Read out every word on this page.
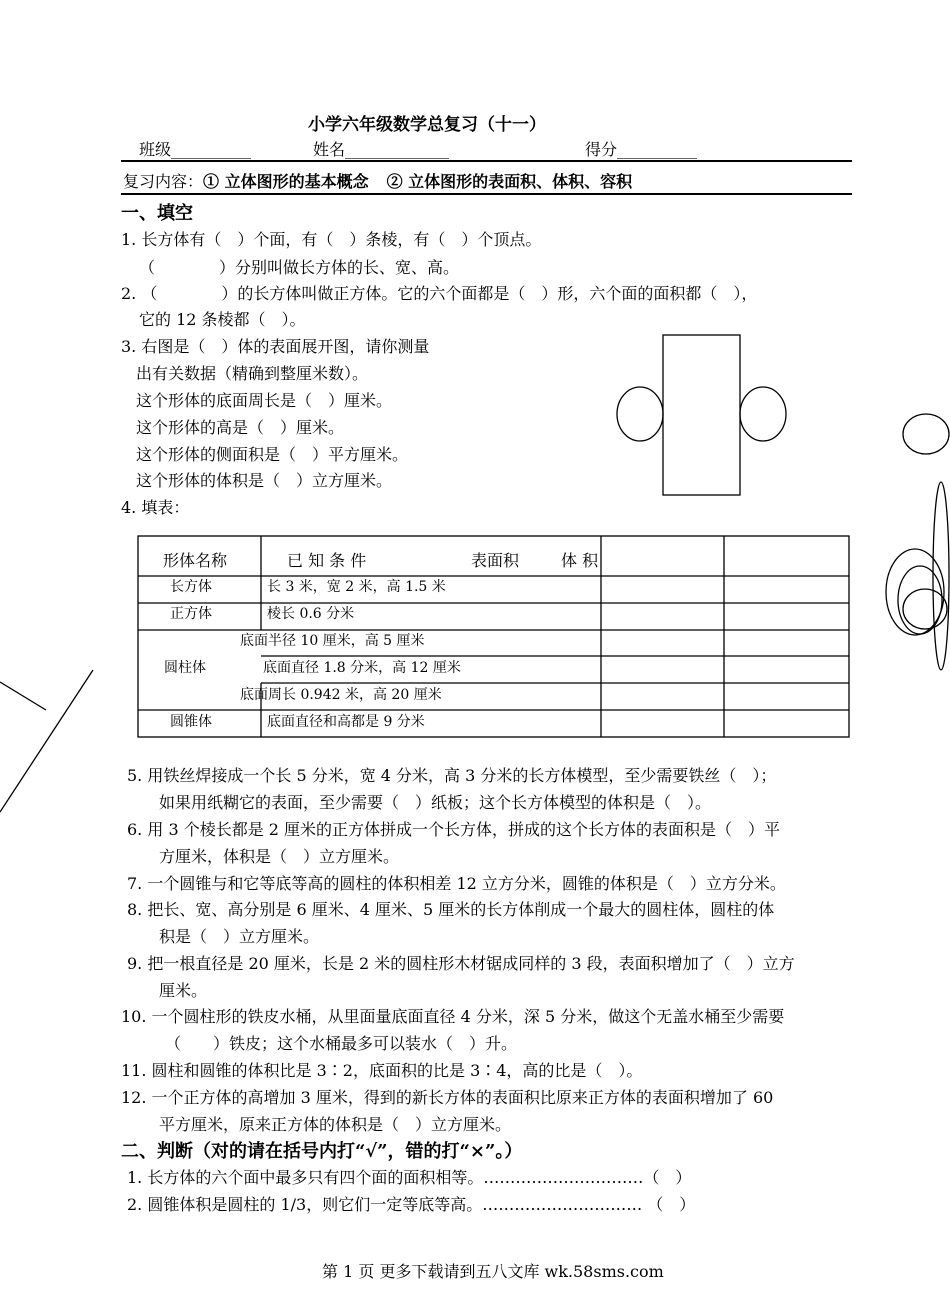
小学六年级数学总复习（十一）
班级__________	姓名_____________	得分__________
复习内容：① 立体图形的基本概念 ② 立体图形的表面积、体积、容积
一、填空
1. 长方体有（　）个面，有（　）条棱，有（　）个顶点。
（　　　　）分别叫做长方体的长、宽、高。
2. （　　　　）的长方体叫做正方体。它的六个面都是（　）形，六个面的面积都（　），
它的 12 条棱都（　）。
3. 右图是（　）体的表面展开图，请你测量
出有关数据（精确到整厘米数）。
这个形体的底面周长是（　）厘米。
这个形体的高是（　）厘米。
这个形体的侧面积是（　）平方厘米。
这个形体的体积是（　）立方厘米。
4. 填表：
形体名称	已 知 条 件	表面积	体 积
长方体	长 3 米，宽 2 米，高 1.5 米
正方体	棱长 0.6 分米
圆柱体
底面半径 10 厘米，高 5 厘米
底面直径 1.8 分米，高 12 厘米
底面周长 0.942 米，高 20 厘米
圆锥体	底面直径和高都是 9 分米
5. 用铁丝焊接成一个长 5 分米，宽 4 分米，高 3 分米的长方体模型，至少需要铁丝（　）；
如果用纸糊它的表面，至少需要（　）纸板；这个长方体模型的体积是（　）。
6. 用 3 个棱长都是 2 厘米的正方体拼成一个长方体，拼成的这个长方体的表面积是（　）平
方厘米，体积是（　）立方厘米。
7. 一个圆锥与和它等底等高的圆柱的体积相差 12 立方分米，圆锥的体积是（　）立方分米。
8. 把长、宽、高分别是 6 厘米、4 厘米、5 厘米的长方体削成一个最大的圆柱体，圆柱的体
积是（　）立方厘米。
9. 把一根直径是 20 厘米，长是 2 米的圆柱形木材锯成同样的 3 段，表面积增加了（　）立方
厘米。
10. 一个圆柱形的铁皮水桶，从里面量底面直径 4 分米，深 5 分米，做这个无盖水桶至少需要
（　　）铁皮；这个水桶最多可以装水（　）升。
11. 圆柱和圆锥的体积比是 3∶2，底面积的比是 3∶4，高的比是（　）。
12. 一个正方体的高增加 3 厘米，得到的新长方体的表面积比原来正方体的表面积增加了 60
平方厘米，原来正方体的体积是（　）立方厘米。
二、判断（对的请在括号内打“√”，错的打“×”。）
1. 长方体的六个面中最多只有四个面的面积相等。…………………………（　）
2. 圆锥体积是圆柱的 1/3，则它们一定等底等高。………………………… （　）
第 1 页 更多下载请到五八文库 wk.58sms.com
